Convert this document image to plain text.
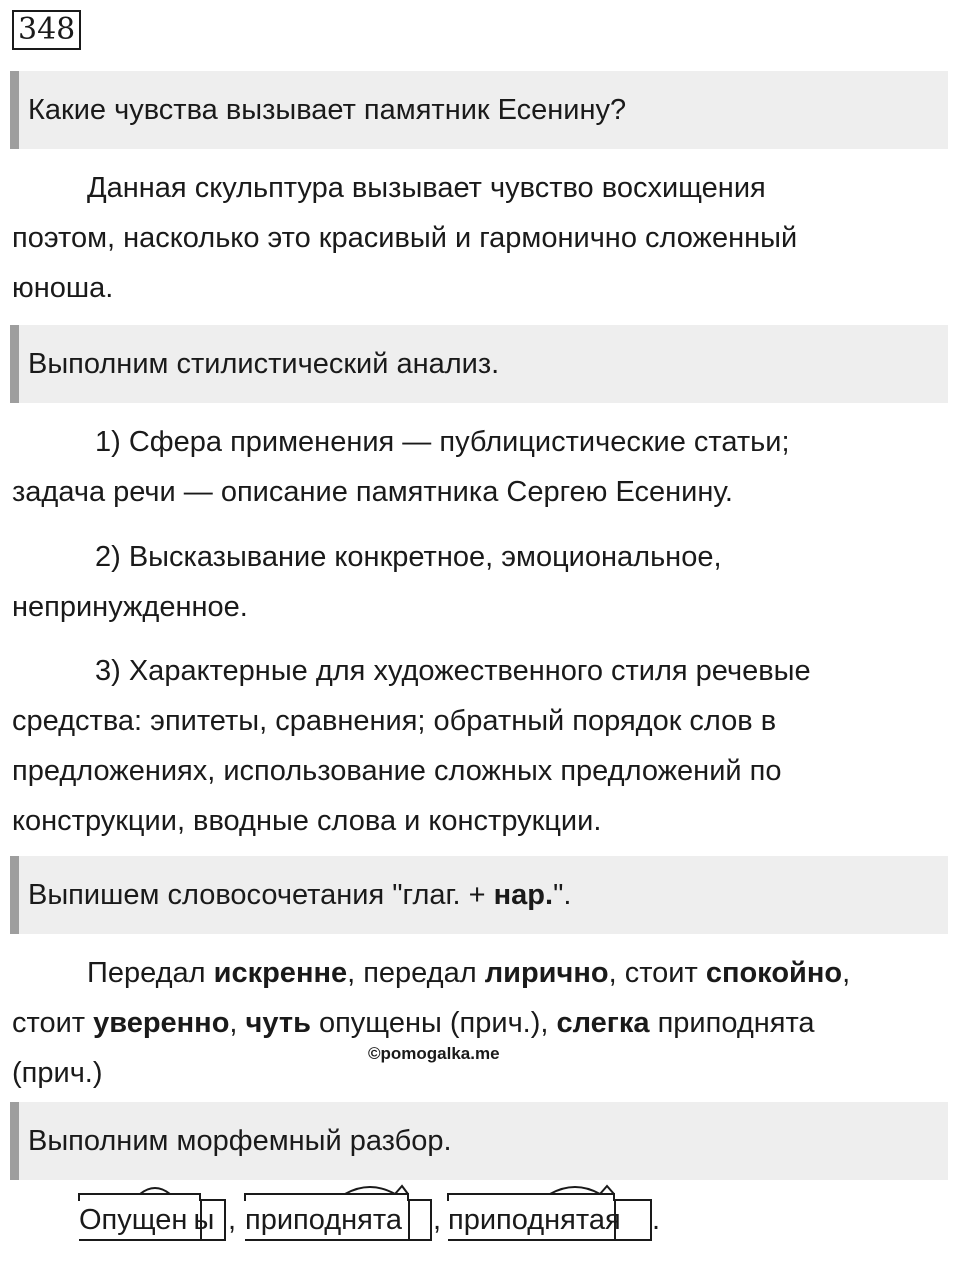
348
Какие чувства вызывает памятник Есенину?
Данная скульптура вызывает чувство восхищения
поэтом, насколько это красивый и гармонично сложенный
юноша.
Выполним стилистический анализ.
1) Сфера применения — публицистические статьи;
задача речи — описание памятника Сергею Есенину.
2) Высказывание конкретное, эмоциональное,
непринужденное.
3) Характерные для художественного стиля речевые
средства: эпитеты, сравнения; обратный порядок слов в
предложениях, использование сложных предложений по
конструкции, вводные слова и конструкции.
Выпишем словосочетания "глаг. + нар.".
Передал искренне, передал лирично, стоит спокойно,
стоит уверенно, чуть опущены (прич.), слегка приподнята
(прич.)
©pomogalka.me
Выполним морфемный разбор.
Опущен ы , приподнята , приподнятая .
